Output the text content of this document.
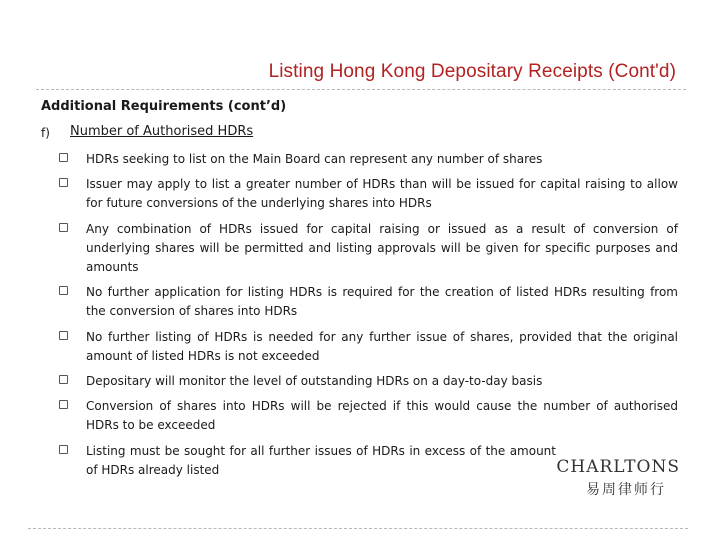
Listing Hong Kong Depositary Receipts (Cont'd)
Additional Requirements (cont’d)
f) Number of Authorised HDRs
HDRs seeking to list on the Main Board can represent any number of shares
Issuer may apply to list a greater number of HDRs than will be issued for capital raising to allow for future conversions of the underlying shares into HDRs
Any combination of HDRs issued for capital raising or issued as a result of conversion of underlying shares will be permitted and listing approvals will be given for specific purposes and amounts
No further application for listing HDRs is required for the creation of listed HDRs resulting from the conversion of shares into HDRs
No further listing of HDRs is needed for any further issue of shares, provided that the original amount of listed HDRs is not exceeded
Depositary will monitor the level of outstanding HDRs on a day-to-day basis
Conversion of shares into HDRs will be rejected if this would cause the number of authorised HDRs to be exceeded
Listing must be sought for all further issues of HDRs in excess of the amount of HDRs already listed	CHARLTONS
易周律师行
